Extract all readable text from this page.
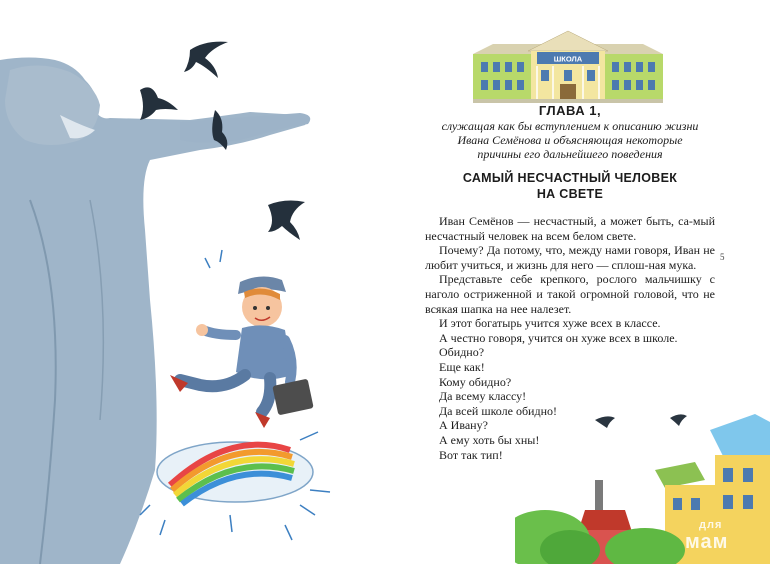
ШКОЛА
ГЛАВА 1,
служащая как бы вступлением к описанию жизни
Ивана Семёнова и объясняющая некоторые
причины его дальнейшего поведения
САМЫЙ НЕСЧАСТНЫЙ ЧЕЛОВЕК
НА СВЕТЕ

Иван Семёнов — несчастный, а может быть, са-мый несчастный человек на всем белом свете.

Почему? Да потому, что, между нами говоря, Иван не любит учиться, и жизнь для него — сплош-ная мука.

Представьте себе крепкого, рослого мальчишку с наголо остриженной и такой огромной головой, что не всякая шапка на нее налезет.

И этот богатырь учится хуже всех в классе.

А честно говоря, учится он хуже всех в школе.

Обидно?

Еще как!

Кому обидно?

Да всему классу!

Да всей школе обидно!

А Ивану?

А ему хоть бы хны!

Вот так тип!

5
для
мам
